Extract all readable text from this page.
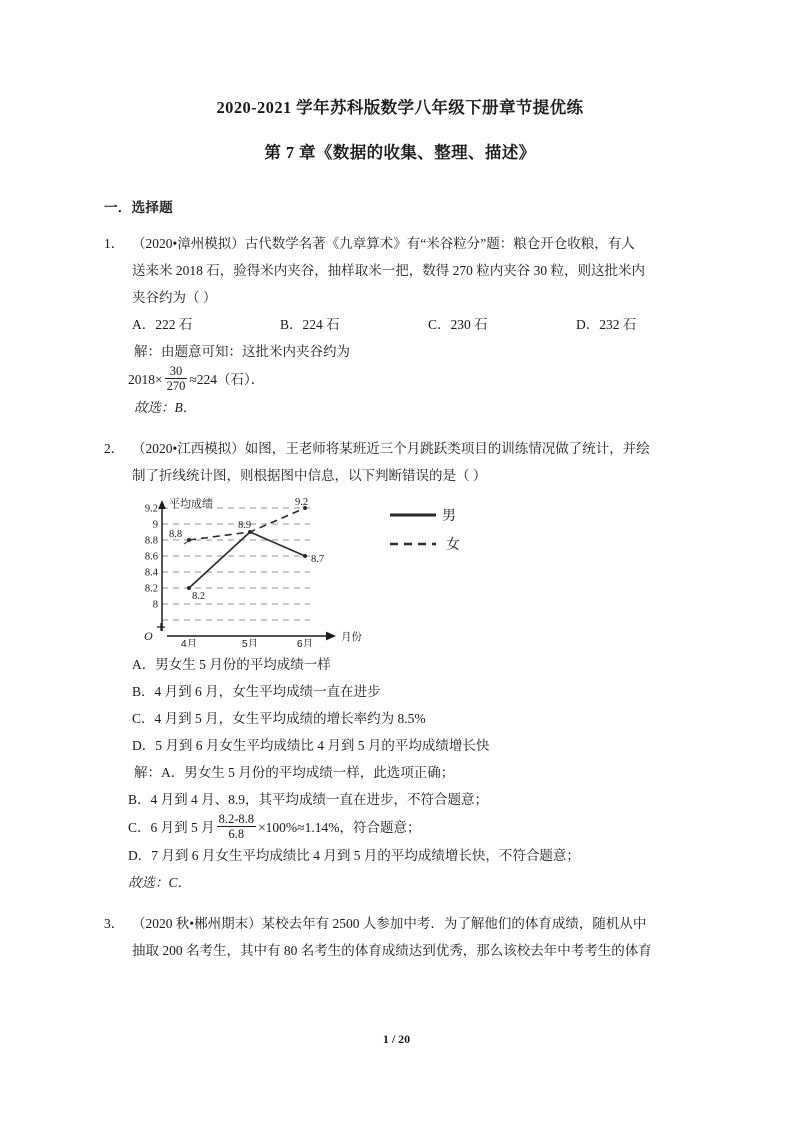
2020-2021 学年苏科版数学八年级下册章节提优练
第 7 章《数据的收集、整理、描述》
一．选择题
1． （2020•漳州模拟）古代数学名著《九章算术》有“米谷粒分”题：粮仓开仓收粮，有人
送来米 2018 石，验得米内夹谷，抽样取米一把，数得 270 粒内夹谷 30 粒，则这批米内
夹谷约为（ ）
A．222 石	B．224 石	C．230 石	D．232 石
解：由题意可知：这批米内夹谷约为
$2018\times \frac{30}{270} \approx 224$（石）．
故选：B．
2． （2020•江西模拟）如图，王老师将某班近三个月跳跃类项目的训练情况做了统计，并绘
制了折线统计图，则根据图中信息，以下判断错误的是（ ）
9.2
9
8.8
8.6
8.4
8.2
8
平均成绩
8.2
8.9
8.7
8.8
9.2
O
4月	5月	6月
月份
男
女
A．男女生 5 月份的平均成绩一样
B．4 月到 6 月，女生平均成绩一直在进步
C．4 月到 5 月，女生平均成绩的增长率约为 8.5%
D．5 月到 6 月女生平均成绩比 4 月到 5 月的平均成绩增长快
解：A．男女生 5 月份的平均成绩一样，此选项正确；
B．4 月到 4 月、8.9，其平均成绩一直在进步，不符合题意；
C．6 月到 5 月 $\frac{8.2-8.8}{6.8} \times 100\%\approx 1.14\%$，符合题意；
D．7 月到 6 月女生平均成绩比 4 月到 5 月的平均成绩增长快，不符合题意；
故选：C．
3． （2020 秋•郴州期末）某校去年有 2500 人参加中考．为了解他们的体育成绩，随机从中
抽取 200 名考生，其中有 80 名考生的体育成绩达到优秀，那么该校去年中考考生的体育
1 / 20
